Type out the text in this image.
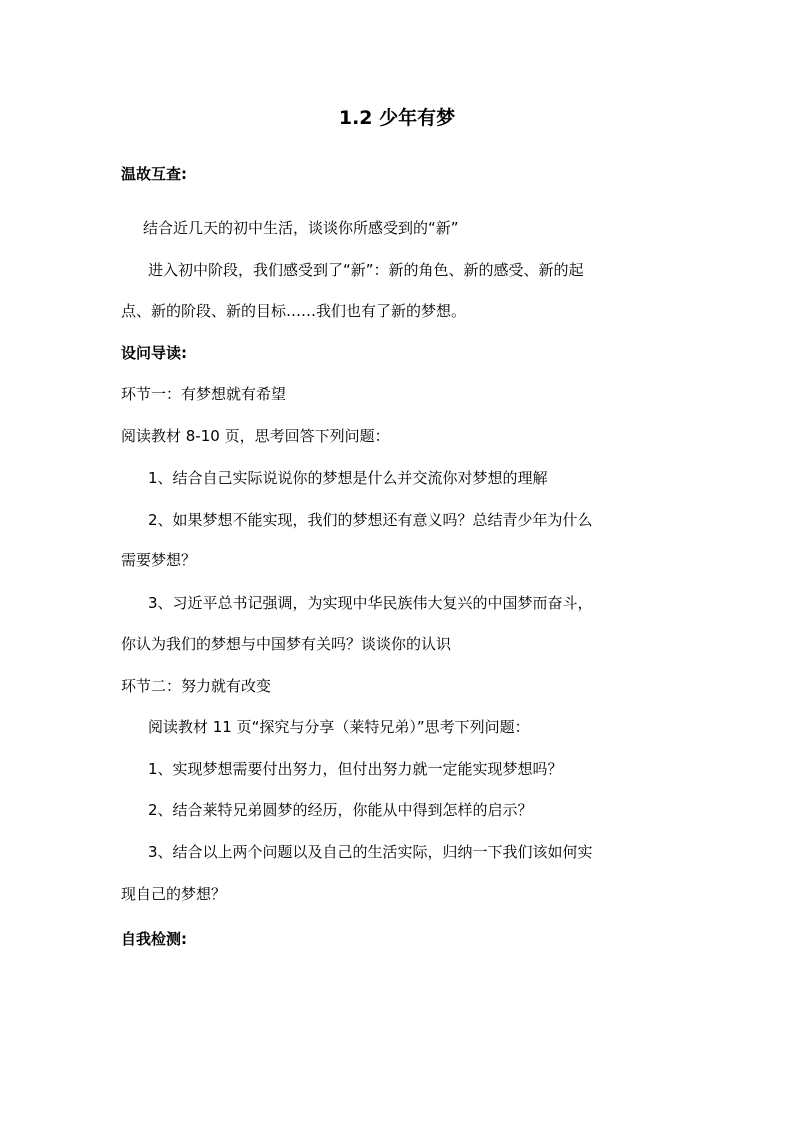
1.2 少年有梦
温故互查:
结合近几天的初中生活，谈谈你所感受到的“新”
进入初中阶段，我们感受到了“新”：新的角色、新的感受、新的起
点、新的阶段、新的目标……我们也有了新的梦想。
设问导读:
环节一：有梦想就有希望
阅读教材 8-10 页，思考回答下列问题：
1、结合自己实际说说你的梦想是什么并交流你对梦想的理解
2、如果梦想不能实现，我们的梦想还有意义吗？总结青少年为什么
需要梦想？
3、习近平总书记强调，为实现中华民族伟大复兴的中国梦而奋斗，
你认为我们的梦想与中国梦有关吗？谈谈你的认识
环节二：努力就有改变
阅读教材 11 页“探究与分享（莱特兄弟）”思考下列问题：
1、实现梦想需要付出努力，但付出努力就一定能实现梦想吗？
2、结合莱特兄弟圆梦的经历，你能从中得到怎样的启示？
3、结合以上两个问题以及自己的生活实际，归纳一下我们该如何实
现自己的梦想？
自我检测:
